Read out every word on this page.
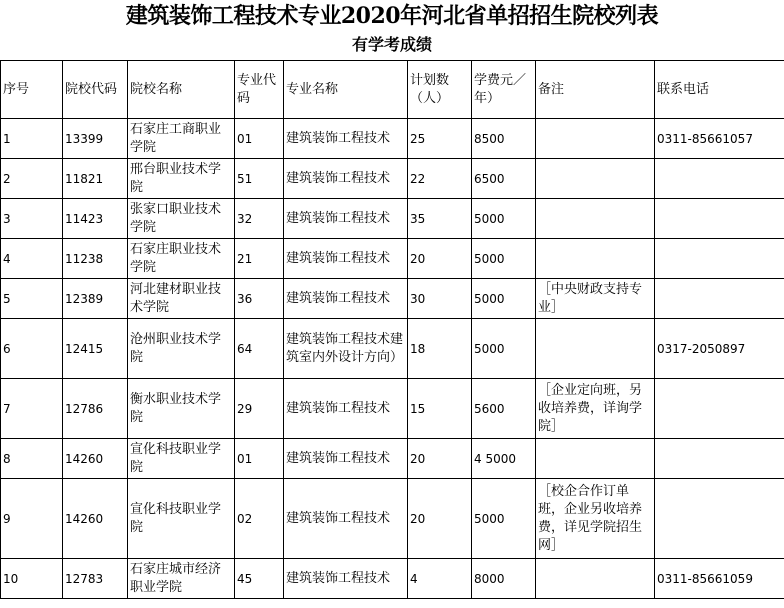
建筑装饰工程技术专业2020年河北省单招招生院校列表
有学考成绩
序号	院校代码	院校名称	专业代码	专业名称	计划数（人）	学费元／年）	备注	联系电话
1	13399	石家庄工商职业学院	01	建筑装饰工程技术	25	8500		0311-85661057
2	11821	邢台职业技术学院	51	建筑装饰工程技术	22	6500		
3	11423	张家口职业技术学院	32	建筑装饰工程技术	35	5000		
4	11238	石家庄职业技术学院	21	建筑装饰工程技术	20	5000		
5	12389	河北建材职业技术学院	36	建筑装饰工程技术	30	5000	［中央财政支持专业］	
6	12415	沧州职业技术学院	64	建筑装饰工程技术建筑室内外设计方向）	18	5000		0317-2050897
7	12786	衡水职业技术学院	29	建筑装饰工程技术	15	5600	［企业定向班，另收培养费，详询学院］	
8	14260	宣化科技职业学院	01	建筑装饰工程技术	20	4 5000		
9	14260	宣化科技职业学院	02	建筑装饰工程技术	20	5000	［校企合作订单班，企业另收培养费，详见学院招生网］	
10	12783	石家庄城市经济职业学院	45	建筑装饰工程技术	4	8000		0311-85661059
